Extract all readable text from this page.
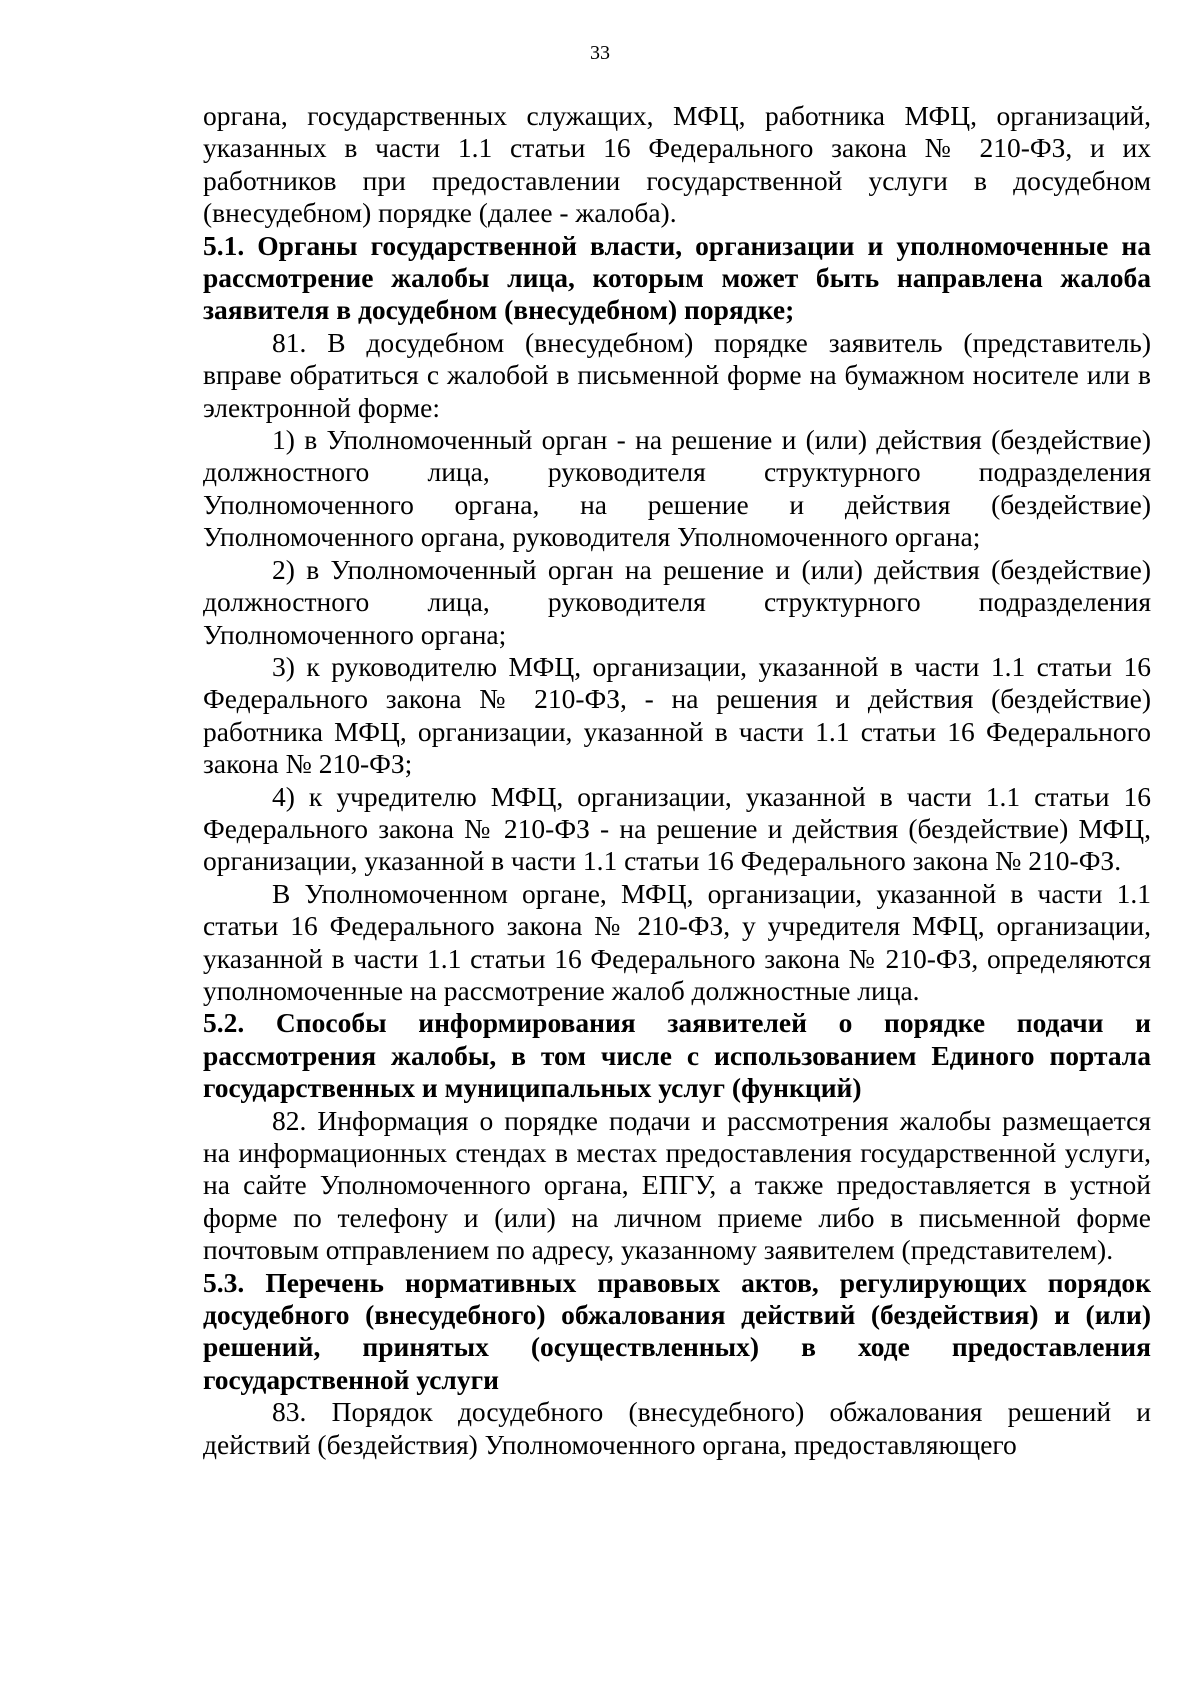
33

органа, государственных служащих, МФЦ, работника МФЦ, организаций, указанных в части 1.1 статьи 16 Федерального закона № 210-ФЗ, и их работников при предоставлении государственной услуги в досудебном (внесудебном) порядке (далее - жалоба).

5.1. Органы государственной власти, организации и уполномоченные на рассмотрение жалобы лица, которым может быть направлена жалоба заявителя в досудебном (внесудебном) порядке;

81. В досудебном (внесудебном) порядке заявитель (представитель) вправе обратиться с жалобой в письменной форме на бумажном носителе или в электронной форме:

1) в Уполномоченный орган - на решение и (или) действия (бездействие) должностного лица, руководителя структурного подразделения Уполномоченного органа, на решение и действия (бездействие) Уполномоченного органа, руководителя Уполномоченного органа;

2) в Уполномоченный орган на решение и (или) действия (бездействие) должностного лица, руководителя структурного подразделения Уполномоченного органа;

3) к руководителю МФЦ, организации, указанной в части 1.1 статьи 16 Федерального закона № 210-ФЗ, - на решения и действия (бездействие) работника МФЦ, организации, указанной в части 1.1 статьи 16 Федерального закона № 210-ФЗ;

4) к учредителю МФЦ, организации, указанной в части 1.1 статьи 16 Федерального закона № 210-ФЗ - на решение и действия (бездействие) МФЦ, организации, указанной в части 1.1 статьи 16 Федерального закона № 210-ФЗ.

В Уполномоченном органе, МФЦ, организации, указанной в части 1.1 статьи 16 Федерального закона № 210-ФЗ, у учредителя МФЦ, организации, указанной в части 1.1 статьи 16 Федерального закона № 210-ФЗ, определяются уполномоченные на рассмотрение жалоб должностные лица.

5.2. Способы информирования заявителей о порядке подачи и рассмотрения жалобы, в том числе с использованием Единого портала государственных и муниципальных услуг (функций)

82. Информация о порядке подачи и рассмотрения жалобы размещается на информационных стендах в местах предоставления государственной услуги, на сайте Уполномоченного органа, ЕПГУ, а также предоставляется в устной форме по телефону и (или) на личном приеме либо в письменной форме почтовым отправлением по адресу, указанному заявителем (представителем).

5.3. Перечень нормативных правовых актов, регулирующих порядок досудебного (внесудебного) обжалования действий (бездействия) и (или) решений, принятых (осуществленных) в ходе предоставления государственной услуги

83. Порядок досудебного (внесудебного) обжалования решений и действий (бездействия) Уполномоченного органа, предоставляющего
